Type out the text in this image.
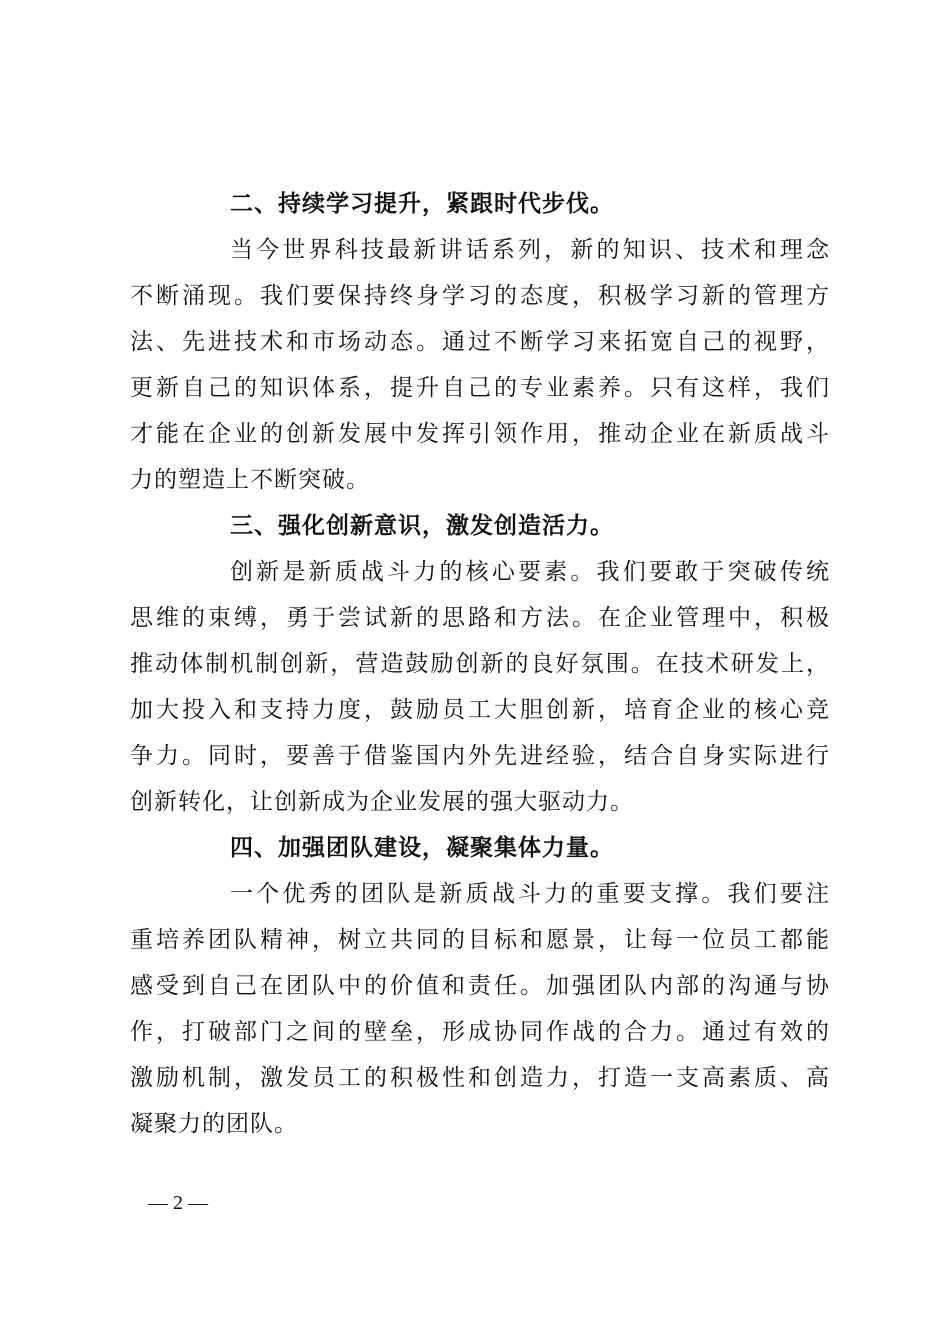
二、持续学习提升，紧跟时代步伐。

当今世界科技最新讲话系列，新的知识、技术和理念
不断涌现。我们要保持终身学习的态度，积极学习新的管理方
法、先进技术和市场动态。通过不断学习来拓宽自己的视野，
更新自己的知识体系，提升自己的专业素养。只有这样，我们
才能在企业的创新发展中发挥引领作用，推动企业在新质战斗
力的塑造上不断突破。

三、强化创新意识，激发创造活力。

创新是新质战斗力的核心要素。我们要敢于突破传统
思维的束缚，勇于尝试新的思路和方法。在企业管理中，积极
推动体制机制创新，营造鼓励创新的良好氛围。在技术研发上，
加大投入和支持力度，鼓励员工大胆创新，培育企业的核心竞
争力。同时，要善于借鉴国内外先进经验，结合自身实际进行
创新转化，让创新成为企业发展的强大驱动力。

四、加强团队建设，凝聚集体力量。

一个优秀的团队是新质战斗力的重要支撑。我们要注
重培养团队精神，树立共同的目标和愿景，让每一位员工都能
感受到自己在团队中的价值和责任。加强团队内部的沟通与协
作，打破部门之间的壁垒，形成协同作战的合力。通过有效的
激励机制，激发员工的积极性和创造力，打造一支高素质、高
凝聚力的团队。

— 2 —
